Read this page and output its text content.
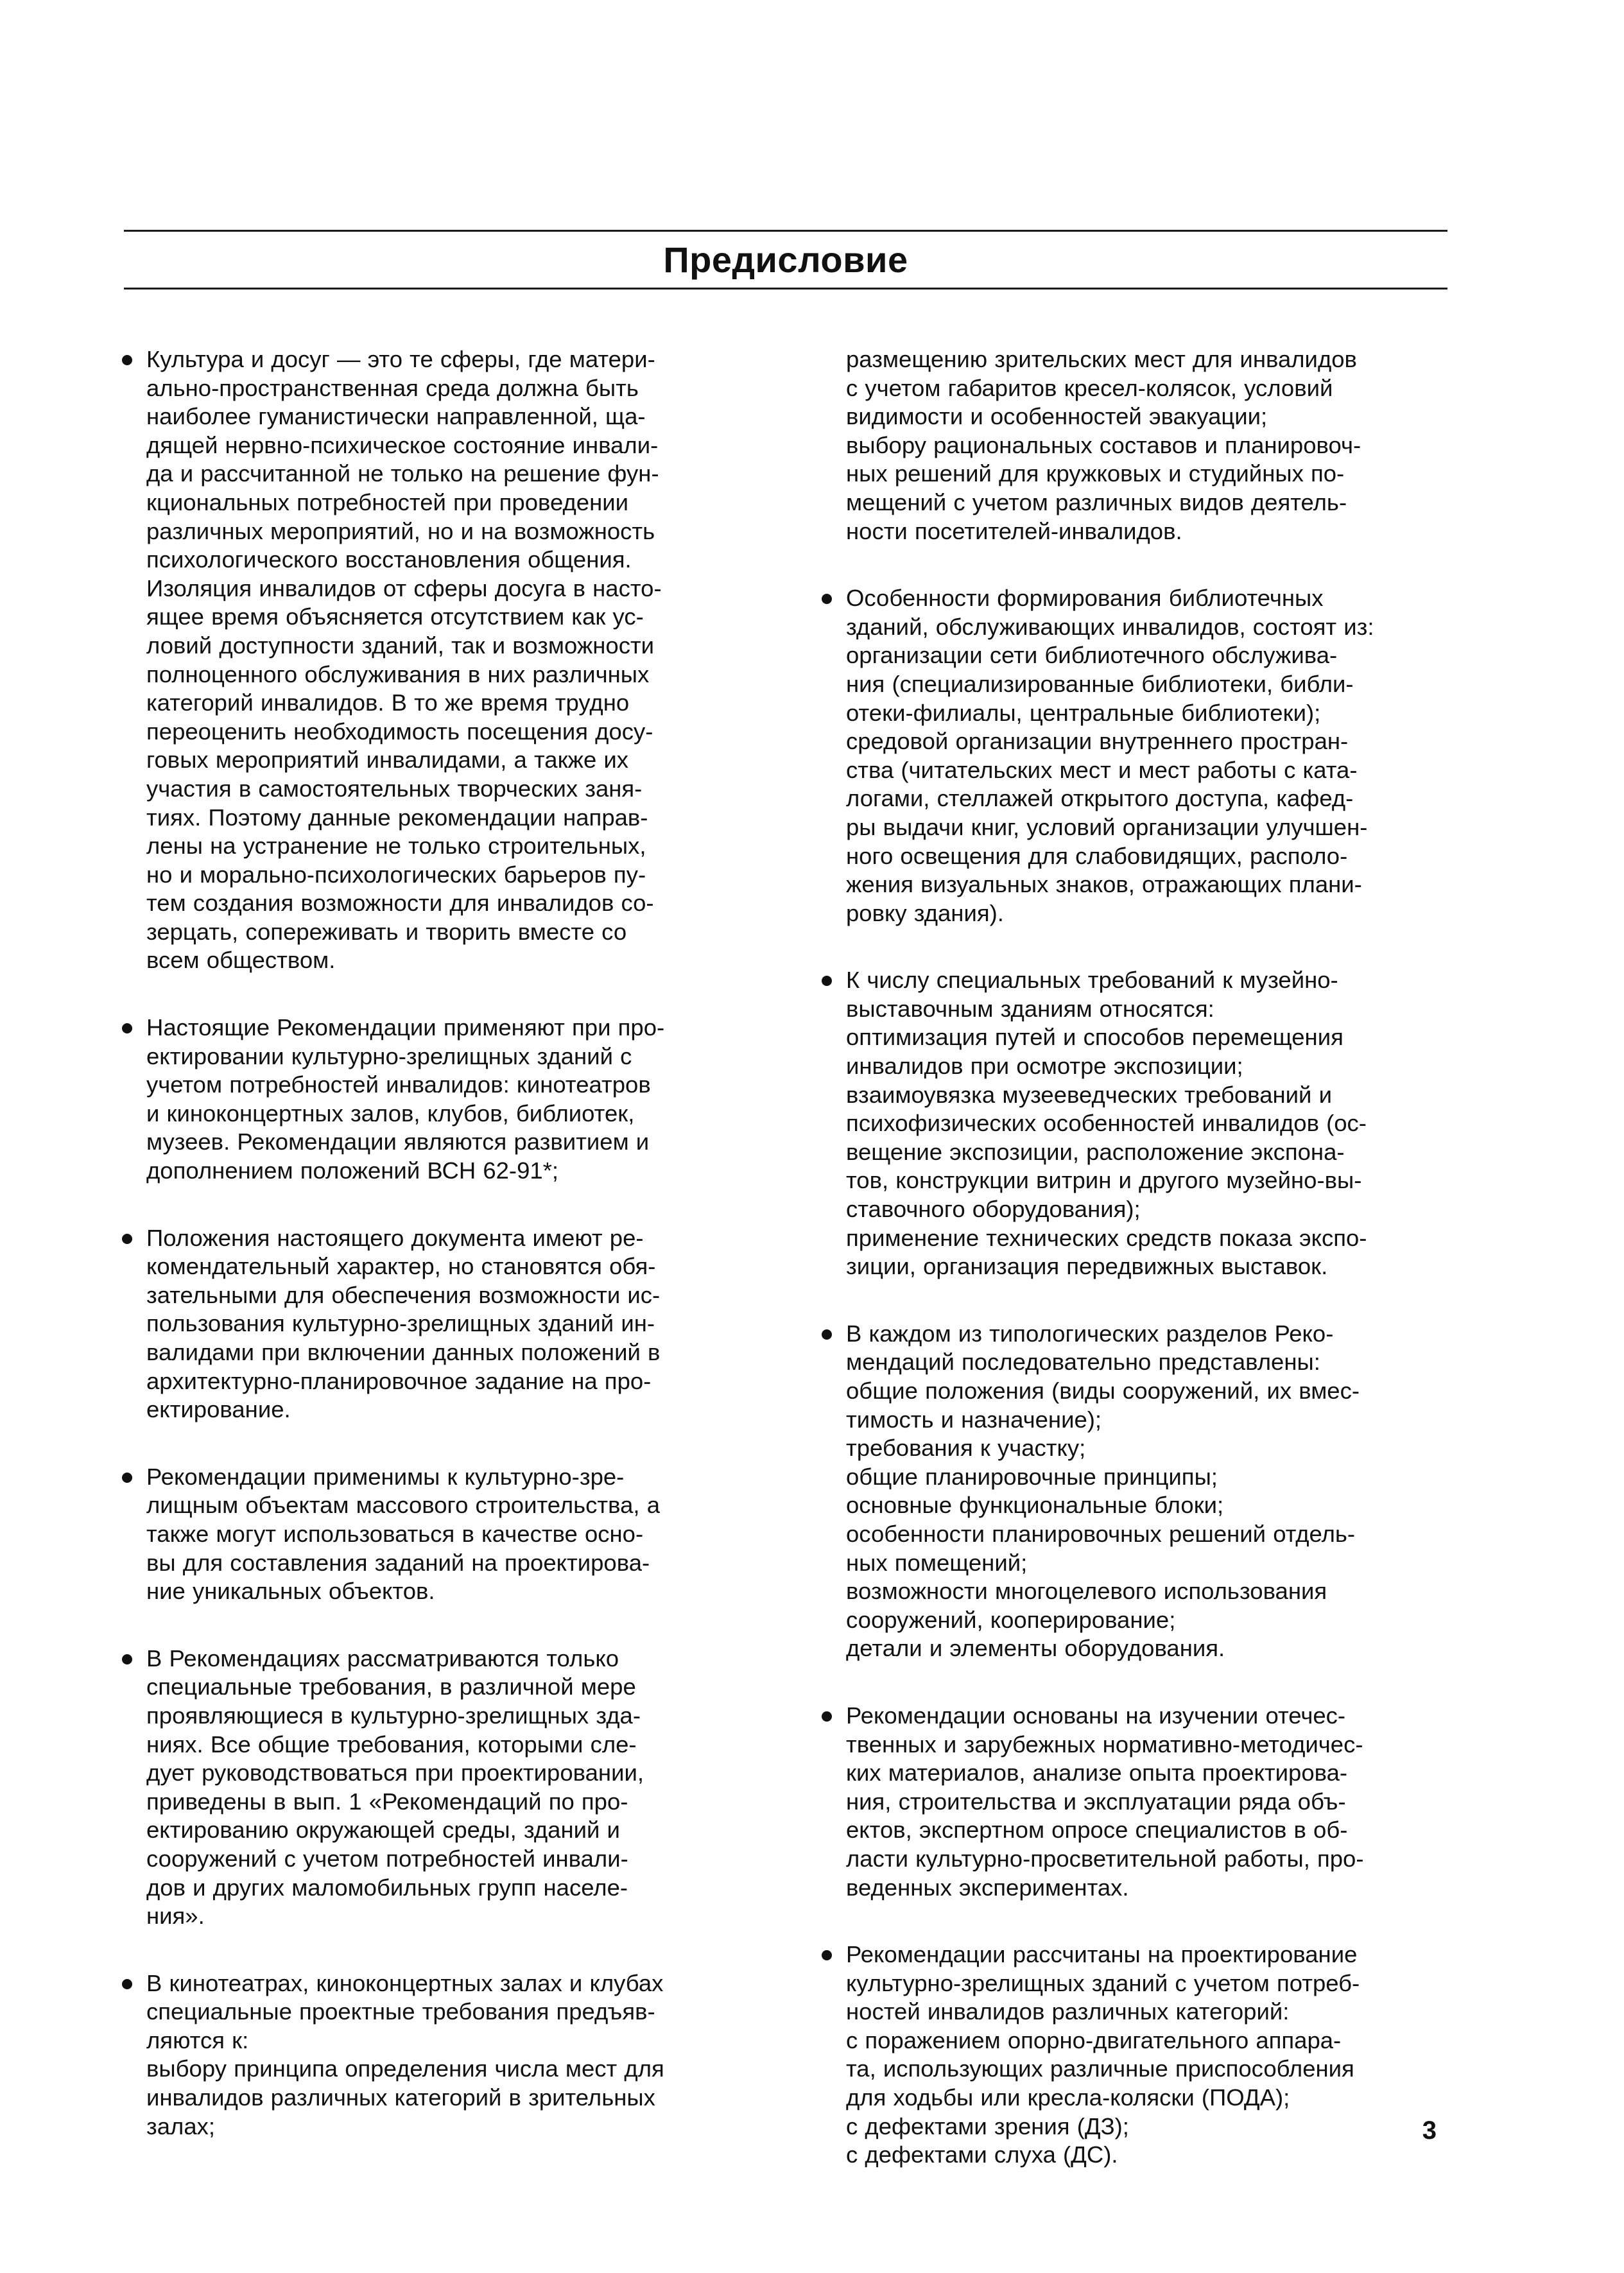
Предисловие
Культура и досуг — это те сферы, где матери-
ально-пространственная среда должна быть
наиболее гуманистически направленной, ща-
дящей нервно-психическое состояние инвали-
да и рассчитанной не только на решение фун-
кциональных потребностей при проведении
различных мероприятий, но и на возможность
психологического восстановления общения.
Изоляция инвалидов от сферы досуга в насто-
ящее время объясняется отсутствием как ус-
ловий доступности зданий, так и возможности
полноценного обслуживания в них различных
категорий инвалидов. В то же время трудно
переоценить необходимость посещения досу-
говых мероприятий инвалидами, а также их
участия в самостоятельных творческих заня-
тиях. Поэтому данные рекомендации направ-
лены на устранение не только строительных,
но и морально-психологических барьеров пу-
тем создания возможности для инвалидов со-
зерцать, сопереживать и творить вместе со
всем обществом.
Настоящие Рекомендации применяют при про-
ектировании культурно-зрелищных зданий с
учетом потребностей инвалидов: кинотеатров
и киноконцертных залов, клубов, библиотек,
музеев. Рекомендации являются развитием и
дополнением положений ВСН 62-91*;
Положения настоящего документа имеют ре-
комендательный характер, но становятся обя-
зательными для обеспечения возможности ис-
пользования культурно-зрелищных зданий ин-
валидами при включении данных положений в
архитектурно-планировочное задание на про-
ектирование.
Рекомендации применимы к культурно-зре-
лищным объектам массового строительства, а
также могут использоваться в качестве осно-
вы для составления заданий на проектирова-
ние уникальных объектов.
В Рекомендациях рассматриваются только
специальные требования, в различной мере
проявляющиеся в культурно-зрелищных зда-
ниях. Все общие требования, которыми сле-
дует руководствоваться при проектировании,
приведены в вып. 1 «Рекомендаций по про-
ектированию окружающей среды, зданий и
сооружений с учетом потребностей инвали-
дов и других маломобильных групп населе-
ния».
В кинотеатрах, киноконцертных залах и клубах
специальные проектные требования предъяв-
ляются к:
выбору принципа определения числа мест для
инвалидов различных категорий в зрительных
залах;
размещению зрительских мест для инвалидов
с учетом габаритов кресел-колясок, условий
видимости и особенностей эвакуации;
выбору рациональных составов и планировоч-
ных решений для кружковых и студийных по-
мещений с учетом различных видов деятель-
ности посетителей-инвалидов.
Особенности формирования библиотечных
зданий, обслуживающих инвалидов, состоят из:
организации сети библиотечного обслужива-
ния (специализированные библиотеки, библи-
отеки-филиалы, центральные библиотеки);
средовой организации внутреннего простран-
ства (читательских мест и мест работы с ката-
логами, стеллажей открытого доступа, кафед-
ры выдачи книг, условий организации улучшен-
ного освещения для слабовидящих, располо-
жения визуальных знаков, отражающих плани-
ровку здания).
К числу специальных требований к музейно-
выставочным зданиям относятся:
оптимизация путей и способов перемещения
инвалидов при осмотре экспозиции;
взаимоувязка музееведческих требований и
психофизических особенностей инвалидов (ос-
вещение экспозиции, расположение экспона-
тов, конструкции витрин и другого музейно-вы-
ставочного оборудования);
применение технических средств показа экспо-
зиции, организация передвижных выставок.
В каждом из типологических разделов Реко-
мендаций последовательно представлены:
общие положения (виды сооружений, их вмес-
тимость и назначение);
требования к участку;
общие планировочные принципы;
основные функциональные блоки;
особенности планировочных решений отдель-
ных помещений;
возможности многоцелевого использования
сооружений, кооперирование;
детали и элементы оборудования.
Рекомендации основаны на изучении отечес-
твенных и зарубежных нормативно-методичес-
ких материалов, анализе опыта проектирова-
ния, строительства и эксплуатации ряда объ-
ектов, экспертном опросе специалистов в об-
ласти культурно-просветительной работы, про-
веденных экспериментах.
Рекомендации рассчитаны на проектирование
культурно-зрелищных зданий с учетом потреб-
ностей инвалидов различных категорий:
с поражением опорно-двигательного аппара-
та, использующих различные приспособления
для ходьбы или кресла-коляски (ПОДА);
с дефектами зрения (ДЗ);
с дефектами слуха (ДС).
3
